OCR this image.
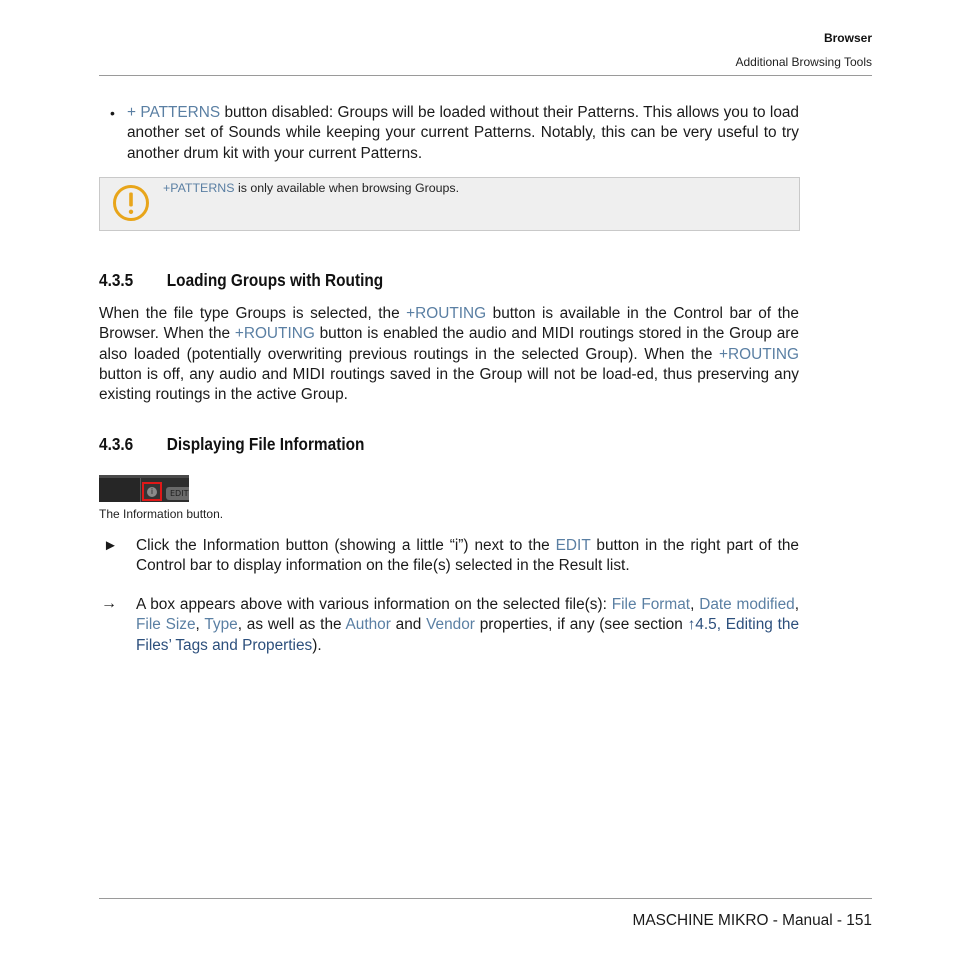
Browser
Additional Browsing Tools
• + PATTERNS button disabled: Groups will be loaded without their Patterns. This allows you to load another set of Sounds while keeping your current Patterns. Notably, this can be very useful to try another drum kit with your current Patterns.
+PATTERNS is only available when browsing Groups.
4.3.5 Loading Groups with Routing
When the file type Groups is selected, the +ROUTING button is available in the Control bar of the Browser. When the +ROUTING button is enabled the audio and MIDI routings stored in the Group are also loaded (potentially overwriting previous routings in the selected Group). When the +ROUTING button is off, any audio and MIDI routings saved in the Group will not be load-ed, thus preserving any existing routings in the active Group.
4.3.6 Displaying File Information
i	EDIT
The Information button.
► Click the Information button (showing a little “i”) next to the EDIT button in the right part of the Control bar to display information on the file(s) selected in the Result list.
→ A box appears above with various information on the selected file(s): File Format, Date modified, File Size, Type, as well as the Author and Vendor properties, if any (see section ↑4.5, Editing the Files’ Tags and Properties).
MASCHINE MIKRO - Manual - 151
